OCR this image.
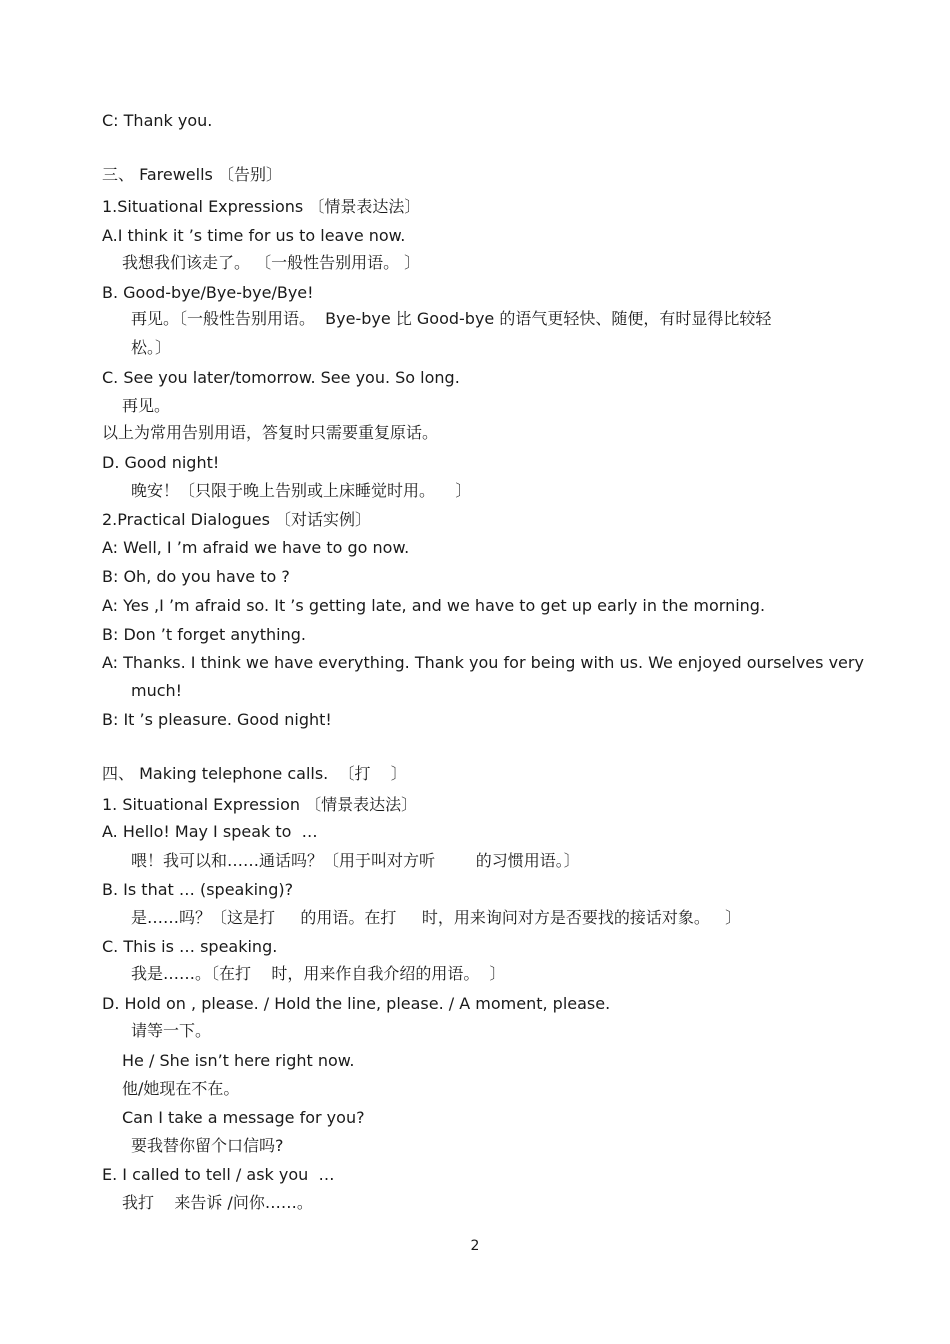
C: Thank you.
三、 Farewells 〔告别〕
1.Situational Expressions 〔情景表达法〕
A.I think it ’s time for us to leave now.
我想我们该走了。 〔一般性告别用语。 〕
B. Good-bye/Bye-bye/Bye!
再见。〔一般性告别用语。  Bye-bye 比 Good-bye 的语气更轻快、随便，有时显得比较轻
松。〕
C. See you later/tomorrow. See you. So long.
再见。
以上为常用告别用语，答复时只需要重复原话。
D. Good night!
晚安！〔只限于晚上告别或上床睡觉时用。    〕
2.Practical Dialogues 〔对话实例〕
A: Well, I ’m afraid we have to go now.
B: Oh, do you have to ?
A: Yes ,I ’m afraid so. It ’s getting late, and we have to get up early in the morning.
B: Don ’t forget anything.
A: Thanks. I think we have everything. Thank you for being with us. We enjoyed ourselves very
much!
B: It ’s pleasure. Good night!
四、 Making telephone calls.  〔打    〕
1. Situational Expression 〔情景表达法〕
A. Hello! May I speak to  …
喂！我可以和……通话吗？〔用于叫对方听        的习惯用语。〕
B. Is that … (speaking)?
是……吗？〔这是打     的用语。在打     时，用来询问对方是否要找的接话对象。   〕
C. This is … speaking.
我是……。〔在打    时，用来作自我介绍的用语。  〕
D. Hold on , please. / Hold the line, please. / A moment, please.
请等一下。
He / She isn’t here right now.
他/她现在不在。
Can I take a message for you?
要我替你留个口信吗?
E. I called to tell / ask you  …
我打    来告诉 /问你……。
2
